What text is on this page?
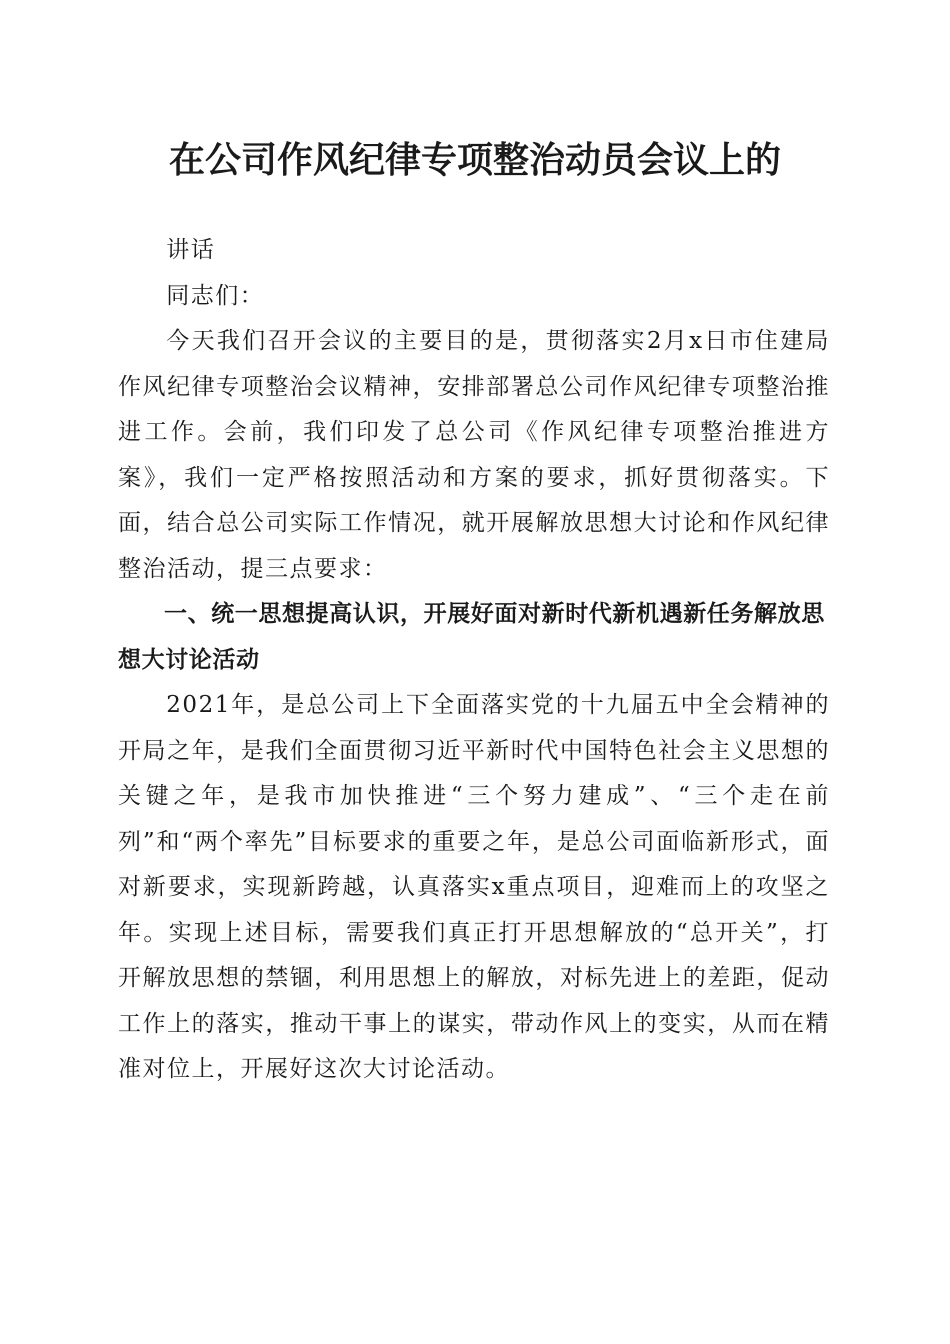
在公司作风纪律专项整治动员会议上的

讲话

同志们：

今天我们召开会议的主要目的是，贯彻落实2月x日市住建局作风纪律专项整治会议精神，安排部署总公司作风纪律专项整治推进工作。会前，我们印发了总公司《作风纪律专项整治推进方案》，我们一定严格按照活动和方案的要求，抓好贯彻落实。下面，结合总公司实际工作情况，就开展解放思想大讨论和作风纪律整治活动，提三点要求：

一、统一思想提高认识，开展好面对新时代新机遇新任务解放思想大讨论活动

2021年，是总公司上下全面落实党的十九届五中全会精神的开局之年，是我们全面贯彻习近平新时代中国特色社会主义思想的关键之年，是我市加快推进“三个努力建成”、“三个走在前列”和“两个率先”目标要求的重要之年，是总公司面临新形式，面对新要求，实现新跨越，认真落实x重点项目，迎难而上的攻坚之年。实现上述目标，需要我们真正打开思想解放的“总开关”，打开解放思想的禁锢，利用思想上的解放，对标先进上的差距，促动工作上的落实，推动干事上的谋实，带动作风上的变实，从而在精准对位上，开展好这次大讨论活动。
